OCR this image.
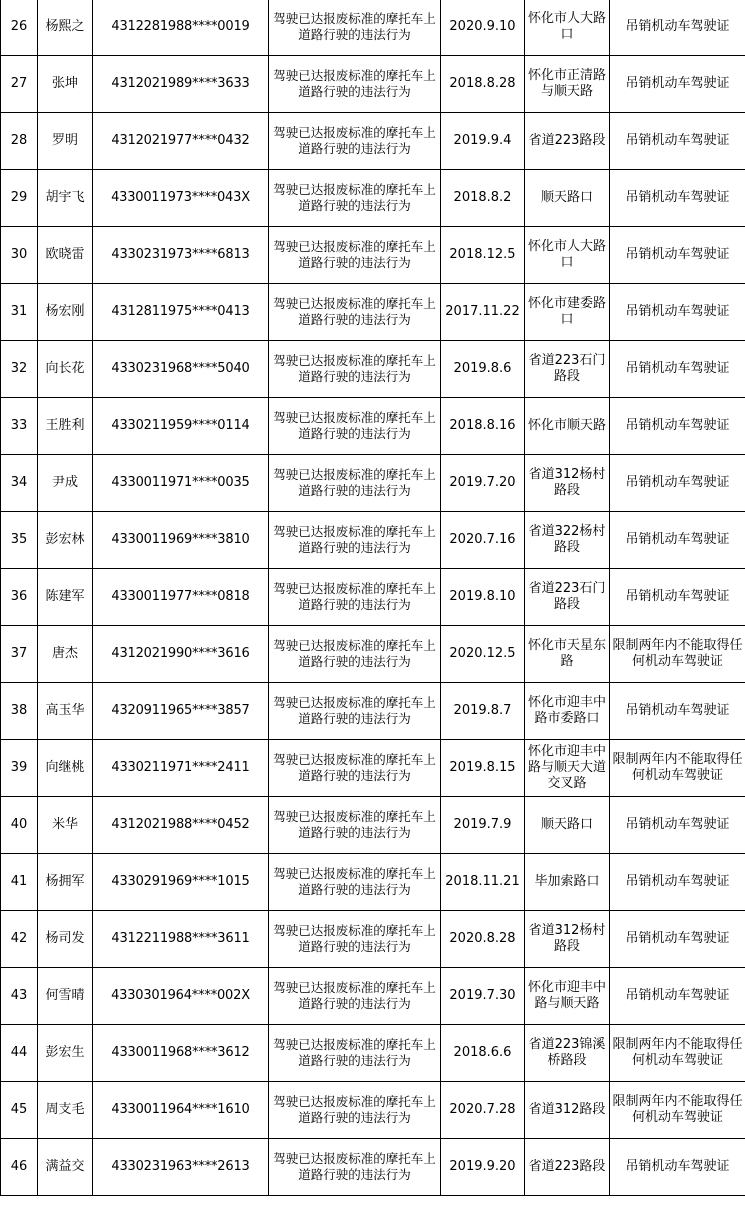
26	杨熙之	4312281988****0019	驾驶已达报废标准的摩托车上道路行驶的违法行为	2020.9.10	怀化市人大路口	吊销机动车驾驶证
27	张坤	4312021989****3633	驾驶已达报废标准的摩托车上道路行驶的违法行为	2018.8.28	怀化市正清路与顺天路	吊销机动车驾驶证
28	罗明	4312021977****0432	驾驶已达报废标准的摩托车上道路行驶的违法行为	2019.9.4	省道223路段	吊销机动车驾驶证
29	胡宇飞	4330011973****043X	驾驶已达报废标准的摩托车上道路行驶的违法行为	2018.8.2	顺天路口	吊销机动车驾驶证
30	欧晓雷	4330231973****6813	驾驶已达报废标准的摩托车上道路行驶的违法行为	2018.12.5	怀化市人大路口	吊销机动车驾驶证
31	杨宏刚	4312811975****0413	驾驶已达报废标准的摩托车上道路行驶的违法行为	2017.11.22	怀化市建委路口	吊销机动车驾驶证
32	向长花	4330231968****5040	驾驶已达报废标准的摩托车上道路行驶的违法行为	2019.8.6	省道223石门路段	吊销机动车驾驶证
33	王胜利	4330211959****0114	驾驶已达报废标准的摩托车上道路行驶的违法行为	2018.8.16	怀化市顺天路	吊销机动车驾驶证
34	尹成	4330011971****0035	驾驶已达报废标准的摩托车上道路行驶的违法行为	2019.7.20	省道312杨村路段	吊销机动车驾驶证
35	彭宏林	4330011969****3810	驾驶已达报废标准的摩托车上道路行驶的违法行为	2020.7.16	省道322杨村路段	吊销机动车驾驶证
36	陈建军	4330011977****0818	驾驶已达报废标准的摩托车上道路行驶的违法行为	2019.8.10	省道223石门路段	吊销机动车驾驶证
37	唐杰	4312021990****3616	驾驶已达报废标准的摩托车上道路行驶的违法行为	2020.12.5	怀化市天星东路	限制两年内不能取得任何机动车驾驶证
38	高玉华	4320911965****3857	驾驶已达报废标准的摩托车上道路行驶的违法行为	2019.8.7	怀化市迎丰中路市委路口	吊销机动车驾驶证
39	向继桃	4330211971****2411	驾驶已达报废标准的摩托车上道路行驶的违法行为	2019.8.15	怀化市迎丰中路与顺天大道交叉路	限制两年内不能取得任何机动车驾驶证
40	米华	4312021988****0452	驾驶已达报废标准的摩托车上道路行驶的违法行为	2019.7.9	顺天路口	吊销机动车驾驶证
41	杨拥军	4330291969****1015	驾驶已达报废标准的摩托车上道路行驶的违法行为	2018.11.21	毕加索路口	吊销机动车驾驶证
42	杨司发	4312211988****3611	驾驶已达报废标准的摩托车上道路行驶的违法行为	2020.8.28	省道312杨村路段	吊销机动车驾驶证
43	何雪晴	4330301964****002X	驾驶已达报废标准的摩托车上道路行驶的违法行为	2019.7.30	怀化市迎丰中路与顺天路	吊销机动车驾驶证
44	彭宏生	4330011968****3612	驾驶已达报废标准的摩托车上道路行驶的违法行为	2018.6.6	省道223锦溪桥路段	限制两年内不能取得任何机动车驾驶证
45	周支毛	4330011964****1610	驾驶已达报废标准的摩托车上道路行驶的违法行为	2020.7.28	省道312路段	限制两年内不能取得任何机动车驾驶证
46	满益交	4330231963****2613	驾驶已达报废标准的摩托车上道路行驶的违法行为	2019.9.20	省道223路段	吊销机动车驾驶证
